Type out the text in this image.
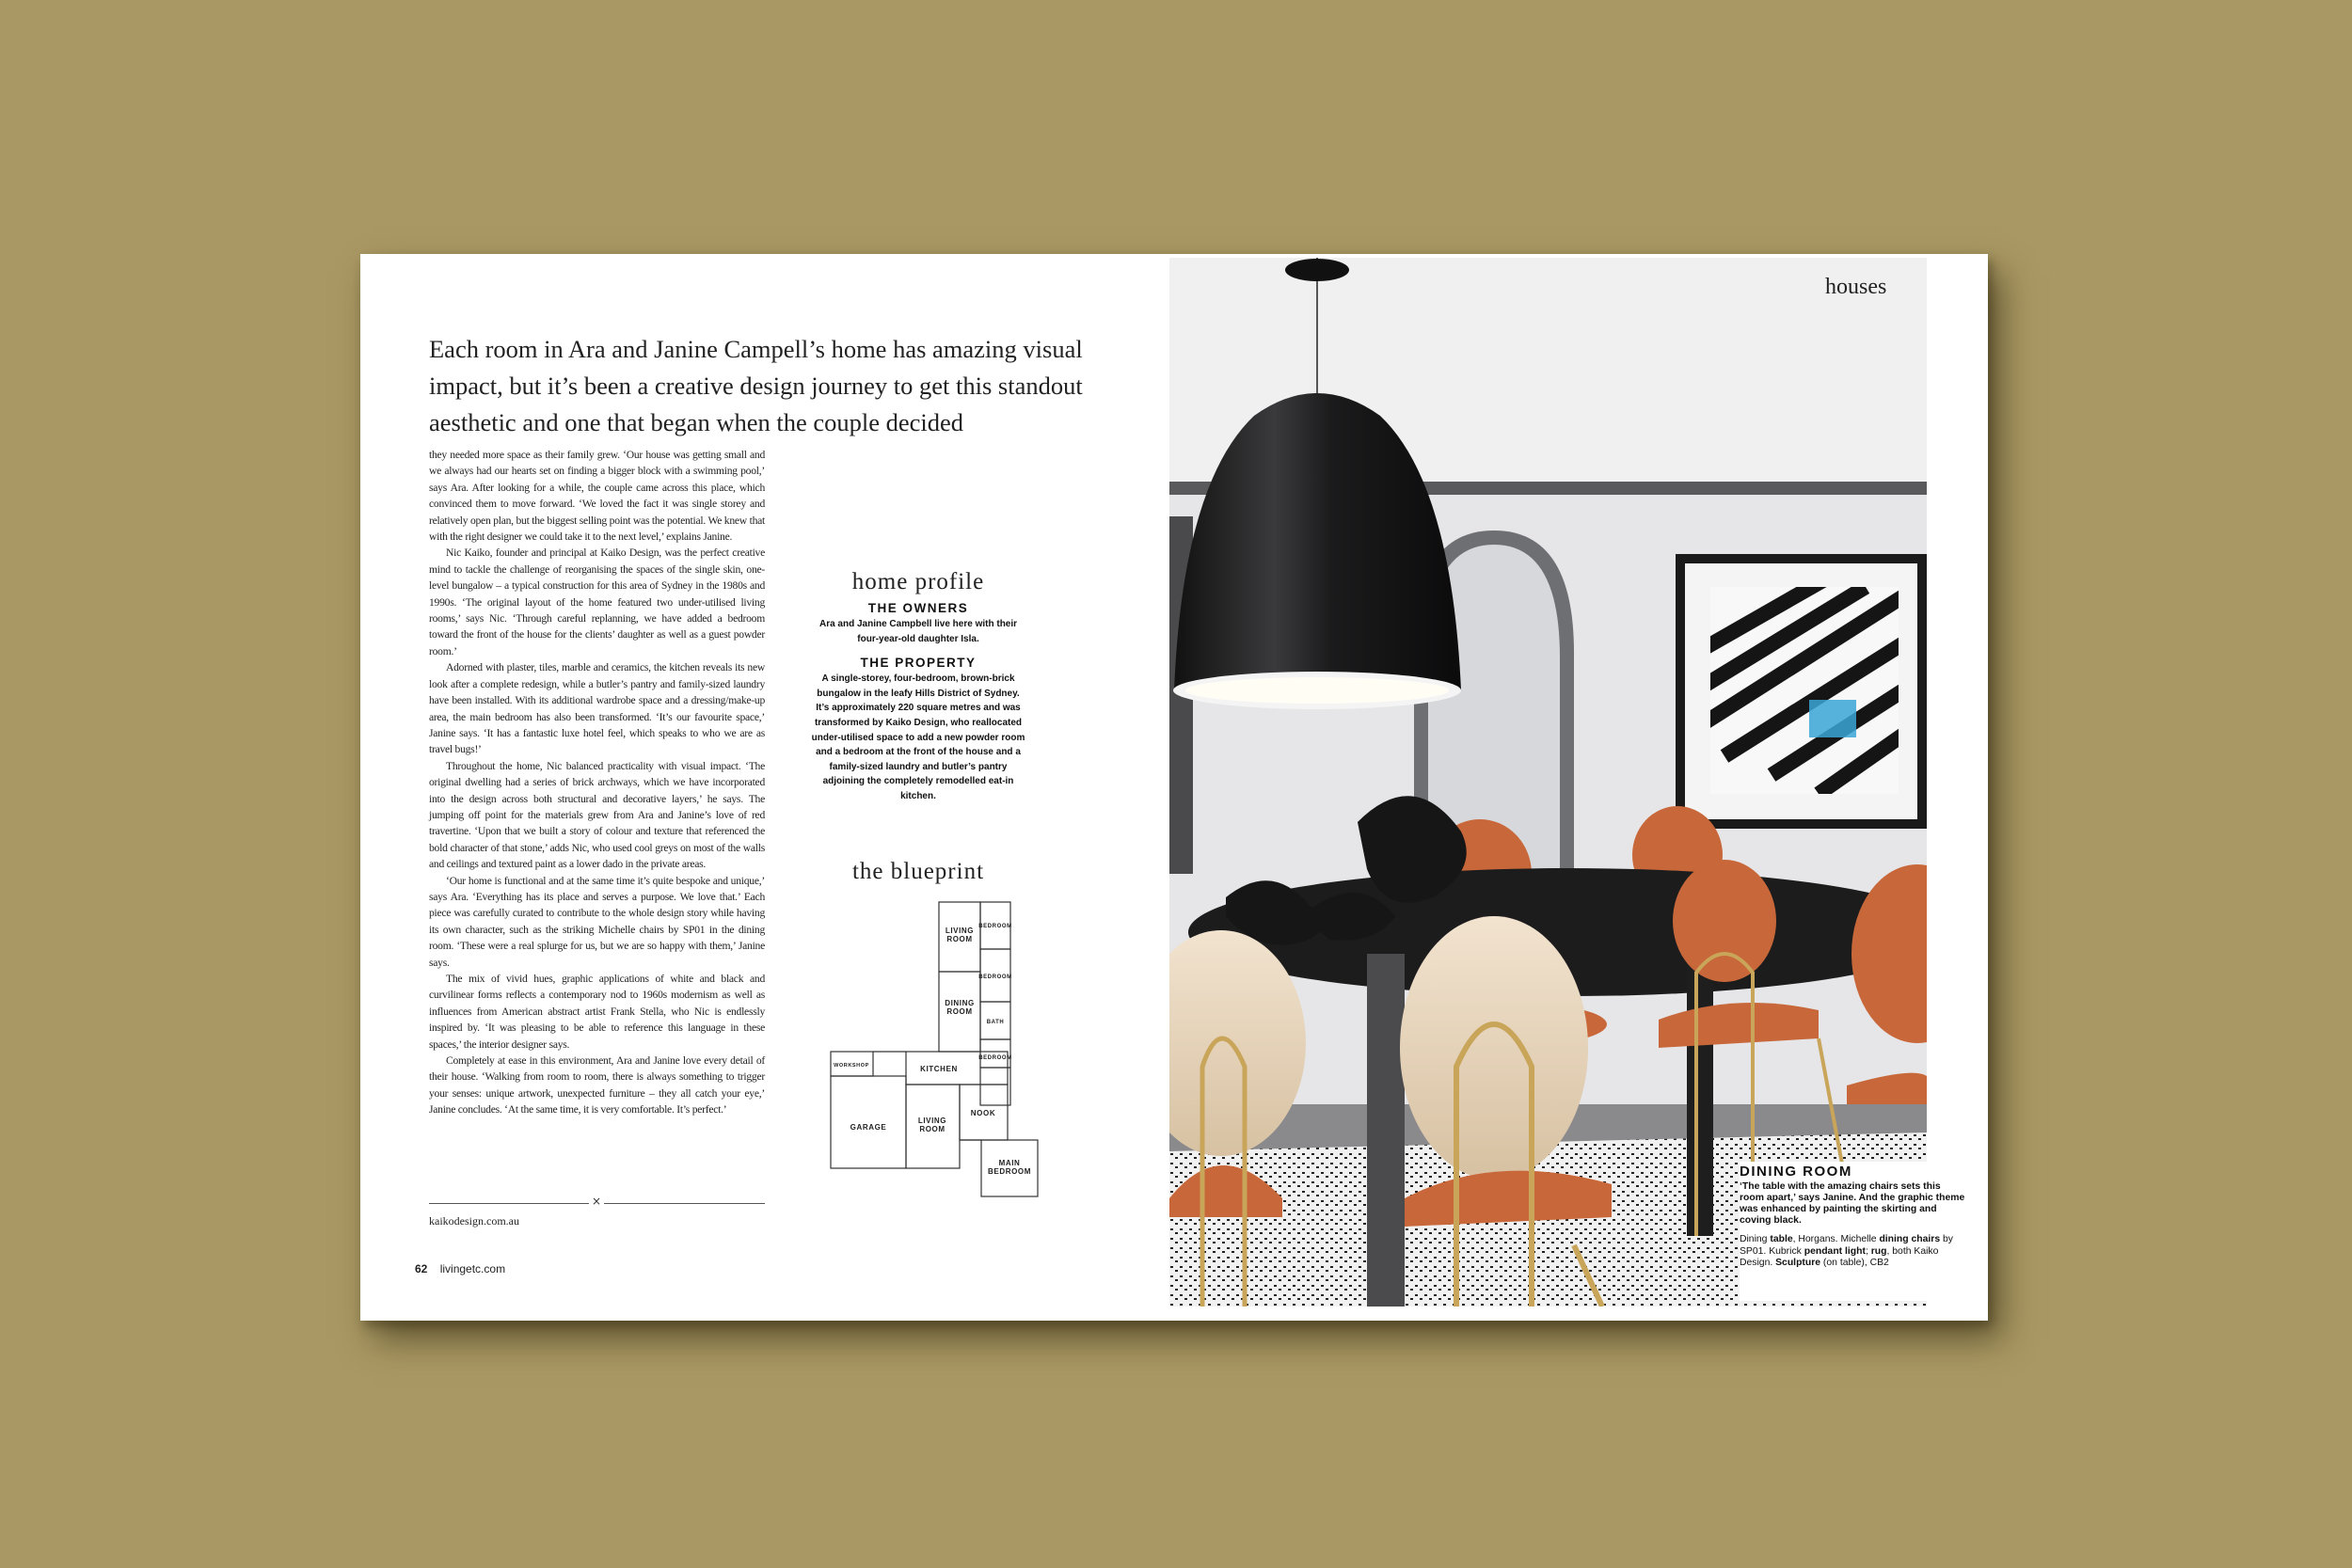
Each room in Ara and Janine Campell’s home has amazing visual impact, but it’s been a creative design journey to get this standout aesthetic and one that began when the couple decided

they needed more space as their family grew. ‘Our house was getting small and we always had our hearts set on finding a bigger block with a swimming pool,’ says Ara. After looking for a while, the couple came across this place, which convinced them to move forward. ‘We loved the fact it was single storey and relatively open plan, but the biggest selling point was the potential. We knew that with the right designer we could take it to the next level,’ explains Janine.

Nic Kaiko, founder and principal at Kaiko Design, was the perfect creative mind to tackle the challenge of reorganising the spaces of the single skin, one-level bungalow – a typical construction for this area of Sydney in the 1980s and 1990s. ‘The original layout of the home featured two under-utilised living rooms,’ says Nic. ‘Through careful replanning, we have added a bedroom toward the front of the house for the clients’ daughter as well as a guest powder room.’

Adorned with plaster, tiles, marble and ceramics, the kitchen reveals its new look after a complete redesign, while a butler’s pantry and family-sized laundry have been installed. With its additional wardrobe space and a dressing/make-up area, the main bedroom has also been transformed. ‘It’s our favourite space,’ Janine says. ‘It has a fantastic luxe hotel feel, which speaks to who we are as travel bugs!’

Throughout the home, Nic balanced practicality with visual impact. ‘The original dwelling had a series of brick archways, which we have incorporated into the design across both structural and decorative layers,’ he says. The jumping off point for the materials grew from Ara and Janine’s love of red travertine. ‘Upon that we built a story of colour and texture that referenced the bold character of that stone,’ adds Nic, who used cool greys on most of the walls and ceilings and textured paint as a lower dado in the private areas.

‘Our home is functional and at the same time it’s quite bespoke and unique,’ says Ara. ‘Everything has its place and serves a purpose. We love that.’ Each piece was carefully curated to contribute to the whole design story while having its own character, such as the striking Michelle chairs by SP01 in the dining room. ‘These were a real splurge for us, but we are so happy with them,’ Janine says.

The mix of vivid hues, graphic applications of white and black and curvilinear forms reflects a contemporary nod to 1960s modernism as well as influences from American abstract artist Frank Stella, who Nic is endlessly inspired by. ‘It was pleasing to be able to reference this language in these spaces,’ the interior designer says.

Completely at ease in this environment, Ara and Janine love every detail of their house. ‘Walking from room to room, there is always something to trigger your senses: unique artwork, unexpected furniture – they all catch your eye,’ Janine concludes. ‘At the same time, it is very comfortable. It’s perfect.’

×
kaikodesign.com.au
62 livingetc.com
home profile
THE OWNERS

Ara and Janine Campbell live here with their four-year-old daughter Isla.

THE PROPERTY

A single-storey, four-bedroom, brown-brick bungalow in the leafy Hills District of Sydney. It’s approximately 220 square metres and was transformed by Kaiko Design, who reallocated under-utilised space to add a new powder room and a bedroom at the front of the house and a family-sized laundry and butler’s pantry adjoining the completely remodelled eat-in kitchen.

the blueprint
LIVING ROOM
BEDROOM
BEDROOM
DINING ROOM
BATH
BEDROOM
WORKSHOP	KITCHEN
NOOK
GARAGE
LIVING ROOM
MAIN BEDROOM
houses
DINING ROOM

‘The table with the amazing chairs sets this room apart,’ says Janine. And the graphic theme was enhanced by painting the skirting and coving black.

Dining table, Horgans. Michelle dining chairs by SP01. Kubrick pendant light; rug, both Kaiko Design. Sculpture (on table), CB2
